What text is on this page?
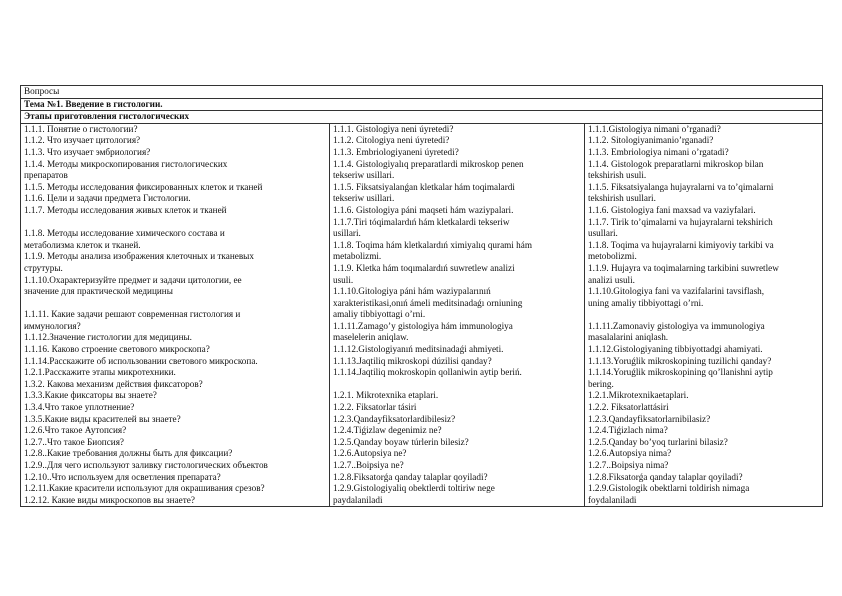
Вопросы
Тема №1. Введение в гистологии.
Этапы приготовления гистологических
1.1.1. Понятие о гистологии?
1.1.2. Что изучает цитология?
1.1.3. Что изучает эмбриология?
1.1.4. Методы микроскопирования гистологических
препаратов
1.1.5. Методы исследования фиксированных клеток и тканей
1.1.6. Цели и задачи предмета Гистологии.
1.1.7. Методы исследования живых клеток и тканей
1.1.8. Методы исследование химического состава и
метаболизма клеток и тканей.
1.1.9. Методы анализа изображения клеточных и тканевых
струтуры.
1.1.10.Охарактеризуйте предмет и задачи цитологии, ее
значение для практической медицины
1.1.11. Какие задачи решают современная гистология и
иммунология?
1.1.12.Значение гистологии для медицины.
1.1.16. Каково строение светового микроскопа?
1.1.14.Расскажите об использовании светового микроскопа.
1.2.1.Расскажите этапы микротехники.
1.3.2. Какова механизм действия фиксаторов?
1.3.3.Какие фиксаторы вы знаете?
1.3.4.Что такое уплотнение?
1.3.5.Какие виды красителей вы знаете?
1.2.6.Что такое Аутопсия?
1.2.7..Что такое Биопсия?
1.2.8..Какие требования должны быть для фиксации?
1.2.9..Для чего используют заливку гистологических объектов
1.2.10..Что используем для осветления препарата?
1.2.11.Какие красители используют для окрашивания срезов?
1.2.12. Какие виды микроскопов вы знаете?
1.1.1. Gistologiya neni úyretedi?
1.1.2. Citologiya neni úyretedi?
1.1.3. Embriologiyaneni úyretedi?
1.1.4. Gistologiyalıq preparatlardi mikroskop penen
tekseriw usillari.
1.1.5. Fiksatsiyalanǵan kletkalar hám toqimalardi
tekseriw usillari.
1.1.6. Gistologiya páni maqseti hám waziypalari.
1.1.7.Tiri tóqimalardıń hám kletkalardi tekseriw
usillari.
1.1.8. Toqima hám kletkalardıń ximiyalıq qurami hám
metabolizmi.
1.1.9. Kletka hám toqımalardıń suwretlew analizi
usuli.
1.1.10.Gitologiya páni hám waziypalarınıń
xarakteristikasi,onıń ámeli meditsinadaǵı orniuning
amaliy tibbiyottagi o’rni.
1.1.11.Zamago’y gistologiya hám immunologiya
maselelerin aniqlaw.
1.1.12.Gistologiyanıń meditsinadaǵi ahmiyeti.
1.1.13.Jaqtiliq mikroskopi dúzilisi qanday?
1.1.14.Jaqtiliq mokroskopin qollaniwin aytip beriń.
1.2.1. Mikrotexnika etaplari.
1.2.2. Fiksatorlar tásiri
1.2.3.Qandayfiksatorlardibilesiz?
1.2.4.Tiǵizlaw degenimiz ne?
1.2.5.Qanday boyaw túrlerin bilesiz?
1.2.6.Autopsiya ne?
1.2.7..Boipsiya ne?
1.2.8.Fiksatorǵa qanday talaplar qoyiladi?
1.2.9.Gistologiyaliq obektlerdi toltiriw nege
paydalaniladi
1.1.1.Gistologiya nimani o’rganadi?
1.1.2. Sitologiyanimanio’rganadi?
1.1.3. Embriologiya nimani o’rgatadi?
1.1.4. Gistologok preparatlarni mikroskop bilan
tekshirish usuli.
1.1.5. Fiksatsiyalanga hujayralarni va to’qimalarni
tekshirish usullari.
1.1.6. Gistologiya fani maxsad va vaziyfalari.
1.1.7. Tirik to’qimalarni va hujayralarni tekshirich
usullari.
1.1.8. Toqima va hujayralarni kimiyoviy tarkibi va
metobolizmi.
1.1.9. Hujayra va toqimalarning tarkibini suwretlew
analizi usuli.
1.1.10.Gitologiya fani va vazifalarini tavsiflash,
uning amaliy tibbiyottagi o’rni.
1.1.11.Zamonaviy gistologiya va immunologiya
masalalarini aniqlash.
1.1.12.Gistologiyaning tibbiyottadgi ahamiyati.
1.1.13.Yoruǵlik mikroskopining tuzilichi qanday?
1.1.14.Yoruǵlik mikroskopining qo’llanishni aytip
bering.
1.2.1.Mikrotexnikaetaplari.
1.2.2. Fiksatorlattásiri
1.2.3.Qandayfiksatorlarnibilasiz?
1.2.4.Tiǵizlach nima?
1.2.5.Qanday bo’yoq turlarini bilasiz?
1.2.6.Autopsiya nima?
1.2.7..Boipsiya nima?
1.2.8.Fiksatorǵa qanday talaplar qoyiladi?
1.2.9.Gistologik obektlarni toldirish nimaga
foydalaniladi
